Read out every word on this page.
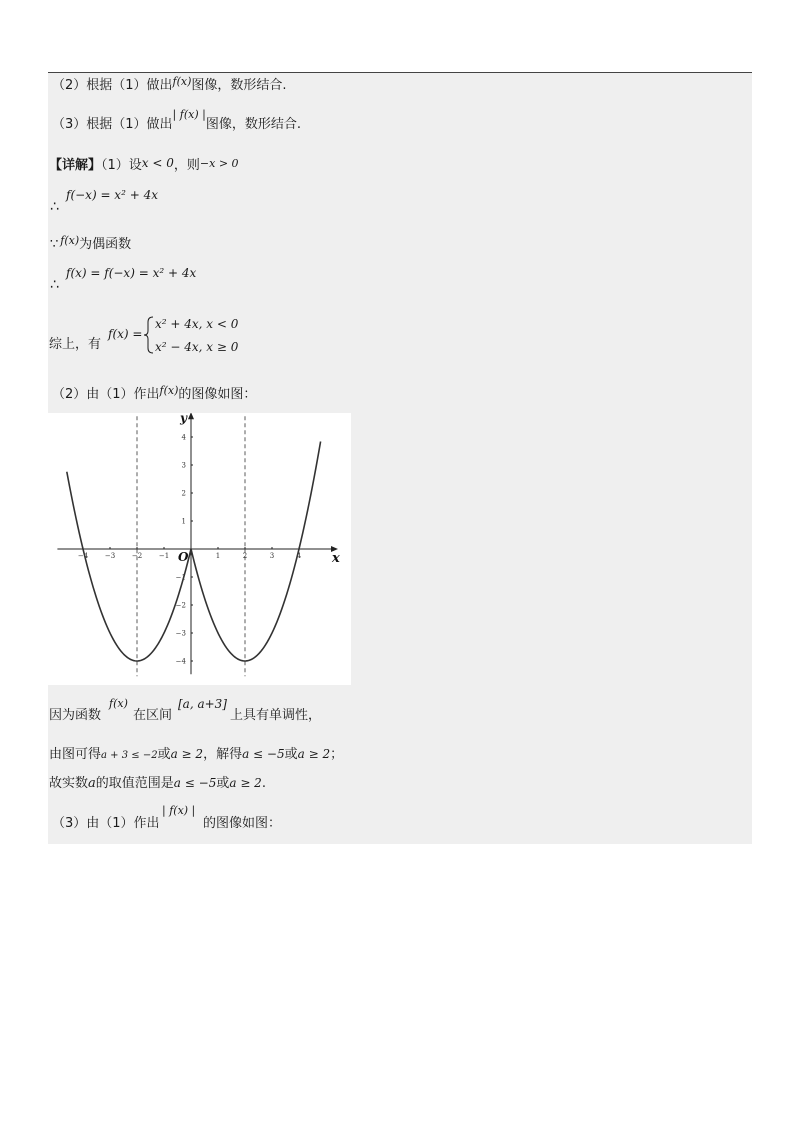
（2）根据（1）做出$^{f(x)}$图像，数形结合.
（3）根据（1）做出$^{| f(x) |}$图像，数形结合.
【详解】（1）设x < 0，则−x > 0
f(−x) = x² + 4x
∴
∵ $^{f(x)}$为偶函数
f(x) = f(−x) = x² + 4x
∴
综上，有
f(x) =
x² + 4x, x < 0
x² − 4x, x ≥ 0
（2）由（1）作出$^{f(x)}$的图像如图：
−4 −3 −2 −1	1	2	3	4
4
3
2
1
−1
−2
−3
−4
x
y
O
因为函数
f(x)
在区间
[a, a+3]
上具有单调性，
由图可得a + 3 ≤ −2或a ≥ 2，解得a ≤ −5或a ≥ 2；
故实数a的取值范围是a ≤ −5或a ≥ 2.
（3）由（1）作出
| f(x) |
的图像如图：
